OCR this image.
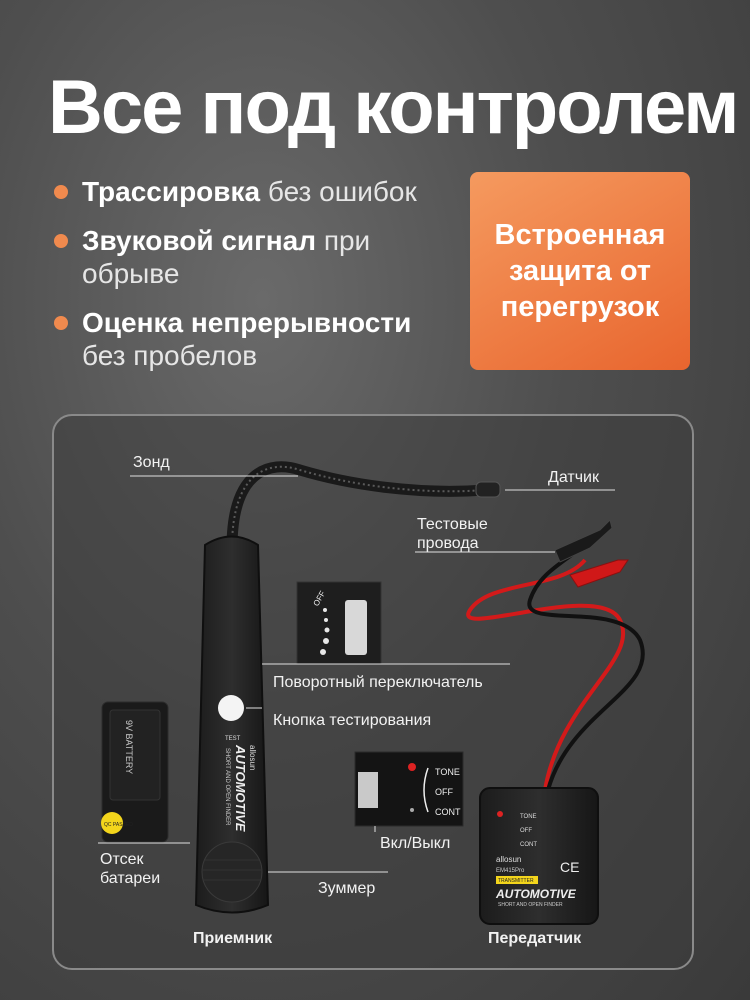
Все под контролем
Трассировка без ошибок
Звуковой сигнал при обрыве
Оценка непрерывности без пробелов
Встроенная защита от перегрузок
TEST
AUTOMOTIVE
SHORT AND OPEN FINDER allosun
OFF
9V BATTERY
QC PASSED
TONE
OFF
CONT	TONE
OFF
CONT
allosun
EM415Pro
TRANSMITTER
AUTOMOTIVE
SHORT AND OPEN FINDER
CE
Зонд
Датчик
Тестовые
провода
Поворотный переключатель
Кнопка тестирования
Вкл/Выкл
Отсек
батареи
Зуммер
Приемник	Передатчик
